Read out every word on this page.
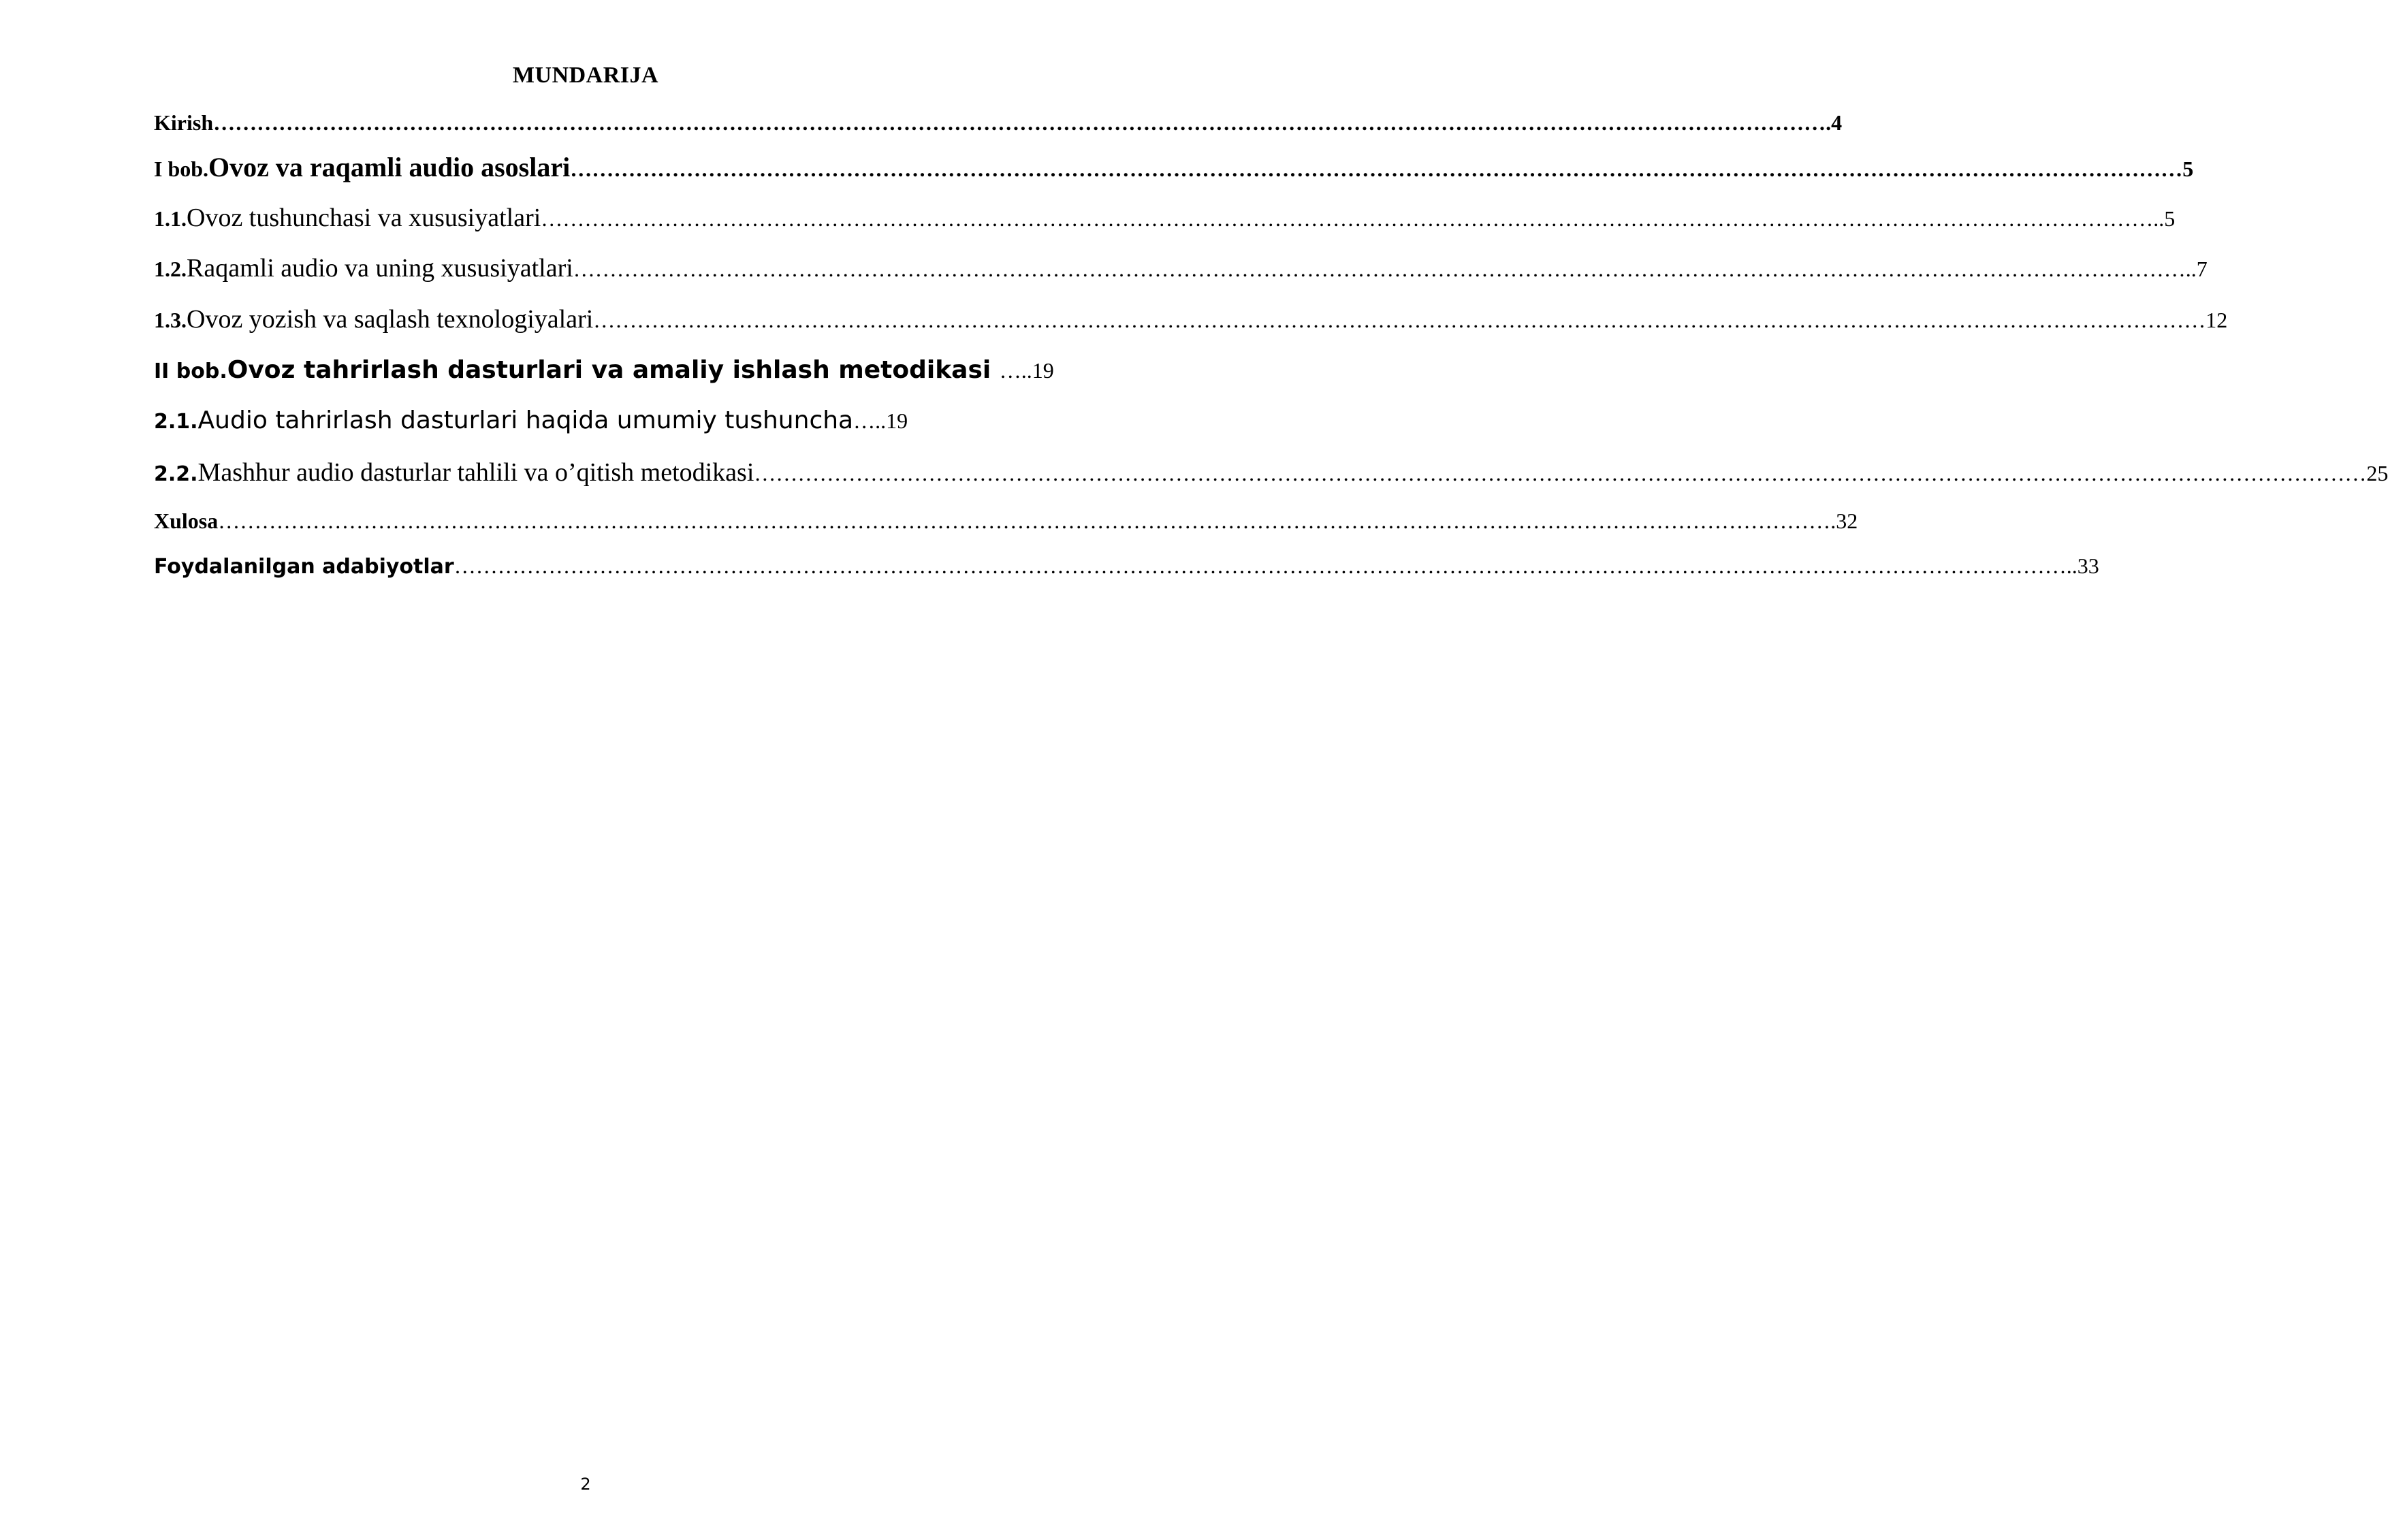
MUNDARIJA
Kirish ……………………………………………………………………………………………………………………………………………………………………………………………………	.4
I bob. Ovoz va raqamli audio asoslari ……………………………………………………………………………………………………………………………………………………………………………………………………	5
1.1. Ovoz tushunchasi va xususiyatlari ……………………………………………………………………………………………………………………………………………………………………………………………………	..5
1.2. Raqamli audio va uning xususiyatlari ……………………………………………………………………………………………………………………………………………………………………………………………………	..7
1.3. Ovoz yozish va saqlash texnologiyalari ……………………………………………………………………………………………………………………………………………………………………………………………………	12
II bob. Ovoz tahrirlash dasturlari va amaliy ishlash metodikasi …..19
2.1. Audio tahrirlash dasturlari haqida umumiy tushuncha …..19
2.2. Mashhur audio dasturlar tahlili va o’qitish metodikasi ……………………………………………………………………………………………………………………………………………………………………………………………………	25
Xulosa ……………………………………………………………………………………………………………………………………………………………………………………………………	.32
Foydalanilgan adabiyotlar ……………………………………………………………………………………………………………………………………………………………………………………………………	..33
2
